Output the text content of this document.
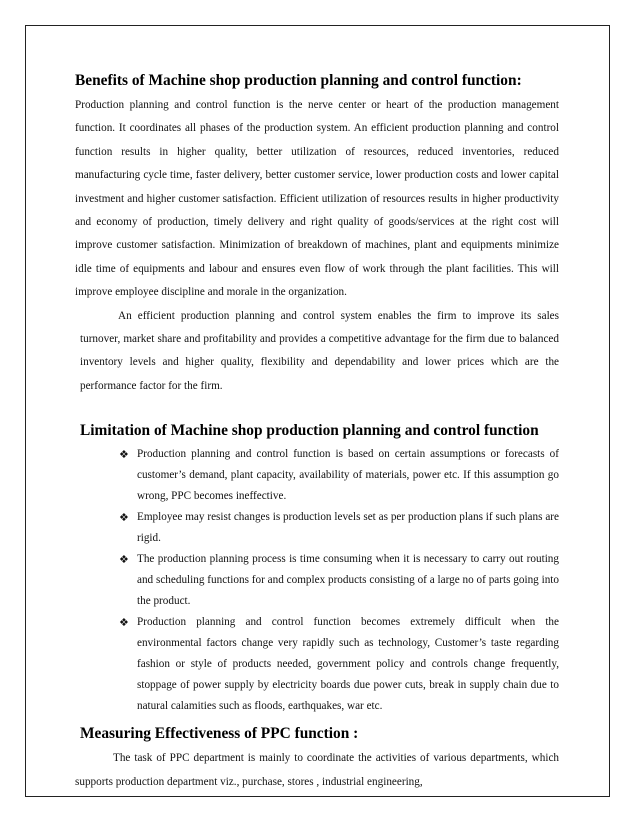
Benefits of Machine shop production planning and control function:

Production planning and control function is the nerve center or heart of the production management function. It coordinates all phases of the production system. An efficient production planning and control function results in higher quality, better utilization of resources, reduced inventories, reduced manufacturing cycle time, faster delivery, better customer service, lower production costs and lower capital investment and higher customer satisfaction. Efficient utilization of resources results in higher productivity and economy of production, timely delivery and right quality of goods/services at the right cost will improve customer satisfaction. Minimization of breakdown of machines, plant and equipments minimize idle time of equipments and labour and ensures even flow of work through the plant facilities. This will improve employee discipline and morale in the organization.

An efficient production planning and control system enables the firm to improve its sales turnover, market share and profitability and provides a competitive advantage for the firm due to balanced inventory levels and higher quality, flexibility and dependability and lower prices which are the performance factor for the firm.

Limitation of Machine shop production planning and control function
❖ Production planning and control function is based on certain assumptions or forecasts of customer’s demand, plant capacity, availability of materials, power etc. If this assumption go wrong, PPC becomes ineffective.
❖ Employee may resist changes is production levels set as per production plans if such plans are rigid.
❖ The production planning process is time consuming when it is necessary to carry out routing and scheduling functions for and complex products consisting of a large no of parts going into the product.
❖ Production planning and control function becomes extremely difficult when the environmental factors change very rapidly such as technology, Customer’s taste regarding fashion or style of products needed, government policy and controls change frequently, stoppage of power supply by electricity boards due power cuts, break in supply chain due to natural calamities such as floods, earthquakes, war etc.
Measuring Effectiveness of PPC function :

The task of PPC department is mainly to coordinate the activities of various departments, which supports production department viz., purchase, stores , industrial engineering,
